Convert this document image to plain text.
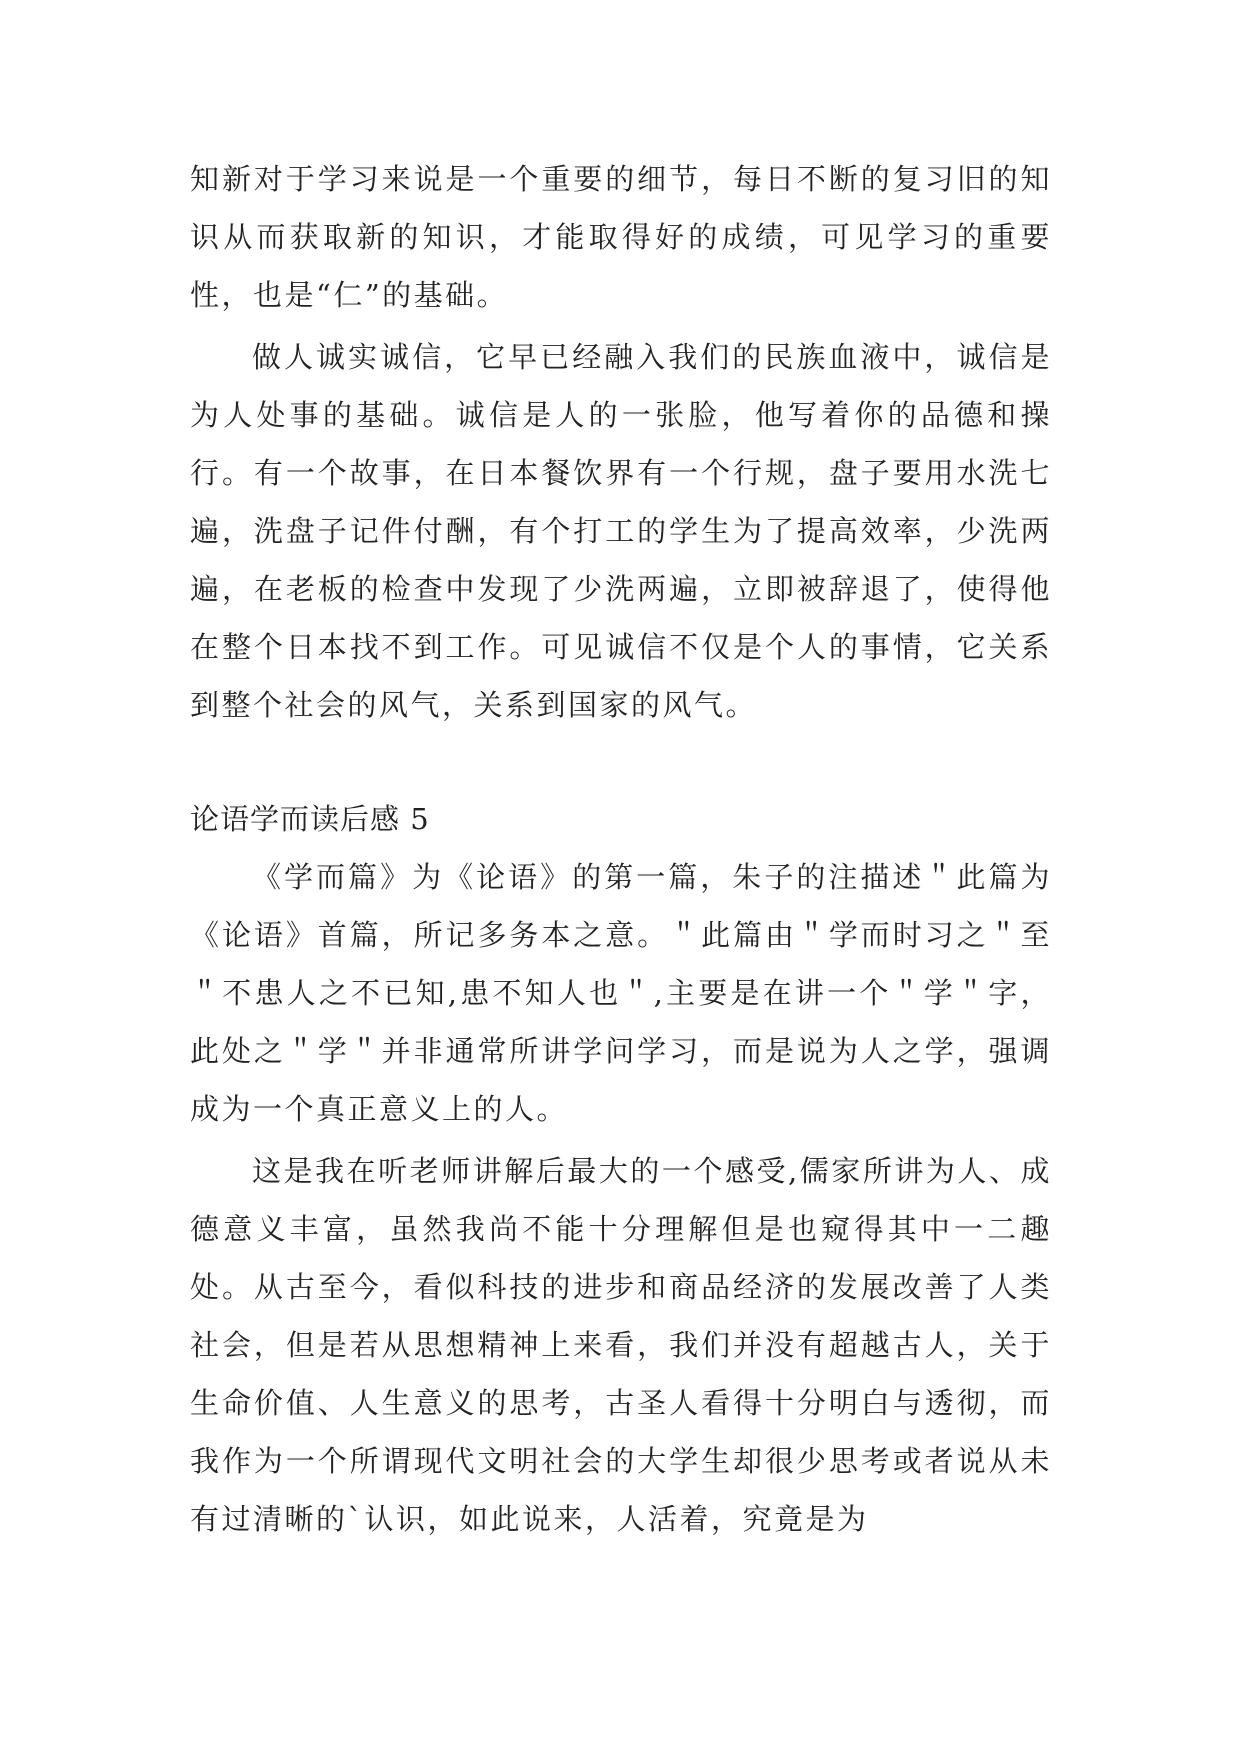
知新对于学习来说是一个重要的细节，每日不断的复习旧的知识从而获取新的知识，才能取得好的成绩，可见学习的重要性，也是“仁”的基础。

做人诚实诚信，它早已经融入我们的民族血液中，诚信是为人处事的基础。诚信是人的一张脸，他写着你的品德和操行。有一个故事，在日本餐饮界有一个行规，盘子要用水洗七遍，洗盘子记件付酬，有个打工的学生为了提高效率，少洗两遍，在老板的检查中发现了少洗两遍，立即被辞退了，使得他在整个日本找不到工作。可见诚信不仅是个人的事情，它关系到整个社会的风气，关系到国家的风气。

论语学而读后感 5

《学而篇》为《论语》的第一篇，朱子的注描述＂此篇为《论语》首篇，所记多务本之意。＂此篇由＂学而时习之＂至＂不患人之不已知,患不知人也＂,主要是在讲一个＂学＂字，此处之＂学＂并非通常所讲学问学习，而是说为人之学，强调成为一个真正意义上的人。

这是我在听老师讲解后最大的一个感受,儒家所讲为人、成德意义丰富，虽然我尚不能十分理解但是也窥得其中一二趣处。从古至今，看似科技的进步和商品经济的发展改善了人类社会，但是若从思想精神上来看，我们并没有超越古人，关于生命价值、人生意义的思考，古圣人看得十分明白与透彻，而我作为一个所谓现代文明社会的大学生却很少思考或者说从未有过清晰的`认识，如此说来，人活着，究竟是为
